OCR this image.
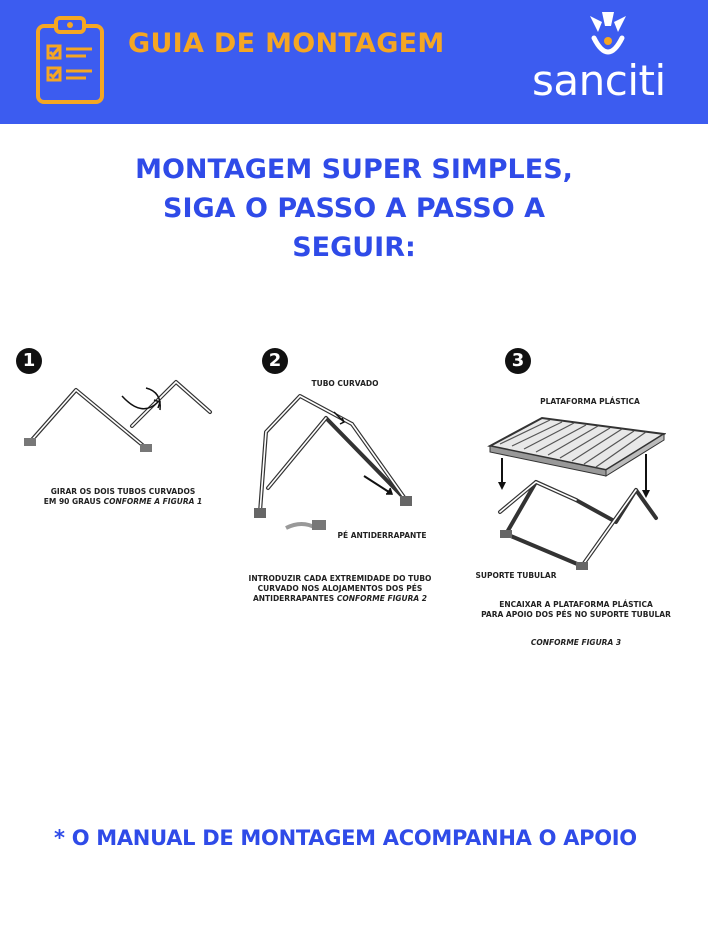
GUIA DE MONTAGEM
sanciti
MONTAGEM SUPER SIMPLES,
SIGA O PASSO A PASSO A
SEGUIR:
1
GIRAR OS DOIS TUBOS CURVADOS
EM 90 GRAUS CONFORME A FIGURA 1
2
TUBO CURVADO
PÉ ANTIDERRAPANTE
INTRODUZIR CADA EXTREMIDADE DO TUBO
CURVADO NOS ALOJAMENTOS DOS PÉS
ANTIDERRAPANTES CONFORME FIGURA 2
3
PLATAFORMA PLÁSTICA
SUPORTE TUBULAR
ENCAIXAR A PLATAFORMA PLÁSTICA
PARA APOIO DOS PÉS NO SUPORTE TUBULAR
CONFORME FIGURA 3
* O MANUAL DE MONTAGEM ACOMPANHA O APOIO
